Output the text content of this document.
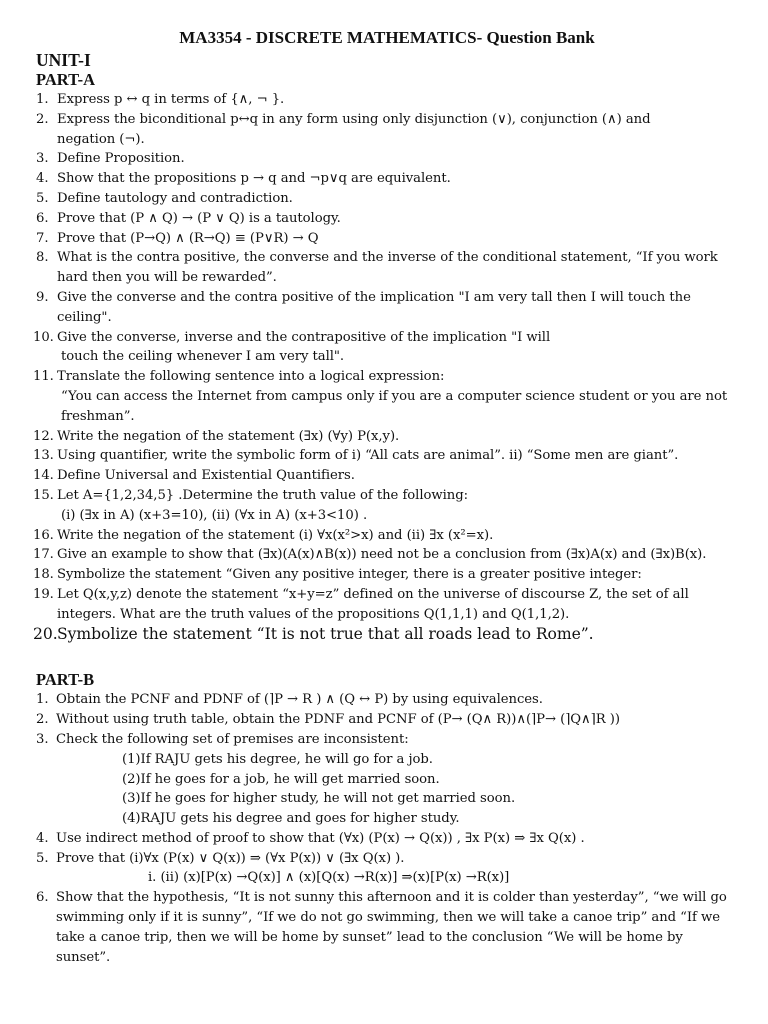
MA3354 - DISCRETE MATHEMATICS- Question Bank
UNIT-I
PART-A
1. Express p ↔ q in terms of {∧, ¬ }.
2. Express the biconditional p↔q in any form using only disjunction (∨), conjunction (∧) and
negation (¬).
3. Define Proposition.
4. Show that the propositions p → q and ¬p∨q are equivalent.
5. Define tautology and contradiction.
6. Prove that (P ∧ Q) → (P ∨ Q) is a tautology.
7. Prove that (P→Q) ∧ (R→Q) ≡ (P∨R) → Q
8. What is the contra positive, the converse and the inverse of the conditional statement, “If you work
hard then you will be rewarded”.
9. Give the converse and the contra positive of the implication "I am very tall then I will touch the
ceiling".
10. Give the converse, inverse and the contrapositive of the implication "I will
touch the ceiling whenever I am very tall".
11. Translate the following sentence into a logical expression:
“You can access the Internet from campus only if you are a computer science student or you are not
freshman”.
12. Write the negation of the statement (∃x) (∀y) P(x,y).
13. Using quantifier, write the symbolic form of i) “All cats are animal”. ii) “Some men are giant”.
14. Define Universal and Existential Quantifiers.
15. Let A={1,2,34,5} .Determine the truth value of the following:
(i) (∃x in A) (x+3=10), (ii) (∀x in A) (x+3<10) .
16. Write the negation of the statement (i) ∀x(x²>x) and (ii) ∃x (x²=x).
17. Give an example to show that (∃x)(A(x)∧B(x)) need not be a conclusion from (∃x)A(x) and (∃x)B(x).
18. Symbolize the statement “Given any positive integer, there is a greater positive integer:
19. Let Q(x,y,z) denote the statement “x+y=z” defined on the universe of discourse Z, the set of all
integers. What are the truth values of the propositions Q(1,1,1) and Q(1,1,2).
20. Symbolize the statement “It is not true that all roads lead to Rome”.
PART-B
1. Obtain the PCNF and PDNF of (⌉P → R ) ∧ (Q ↔ P) by using equivalences.
2. Without using truth table, obtain the PDNF and PCNF of (P→ (Q∧ R))∧(⌉P→ (⌉Q∧⌉R ))
3. Check the following set of premises are inconsistent:
(1)If RAJU gets his degree, he will go for a job.
(2)If he goes for a job, he will get married soon.
(3)If he goes for higher study, he will not get married soon.
(4)RAJU gets his degree and goes for higher study.
4. Use indirect method of proof to show that (∀x) (P(x) → Q(x)) , ∃x P(x) ⇒ ∃x Q(x) .
5. Prove that (i)∀x (P(x) ∨ Q(x)) ⇒ (∀x P(x)) ∨ (∃x Q(x) ).
i. (ii) (x)[P(x) →Q(x)] ∧ (x)[Q(x) →R(x)] ⇒(x)[P(x) →R(x)]
6. Show that the hypothesis, “It is not sunny this afternoon and it is colder than yesterday”, “we will go
swimming only if it is sunny”, “If we do not go swimming, then we will take a canoe trip” and “If we
take a canoe trip, then we will be home by sunset” lead to the conclusion “We will be home by
sunset”.
